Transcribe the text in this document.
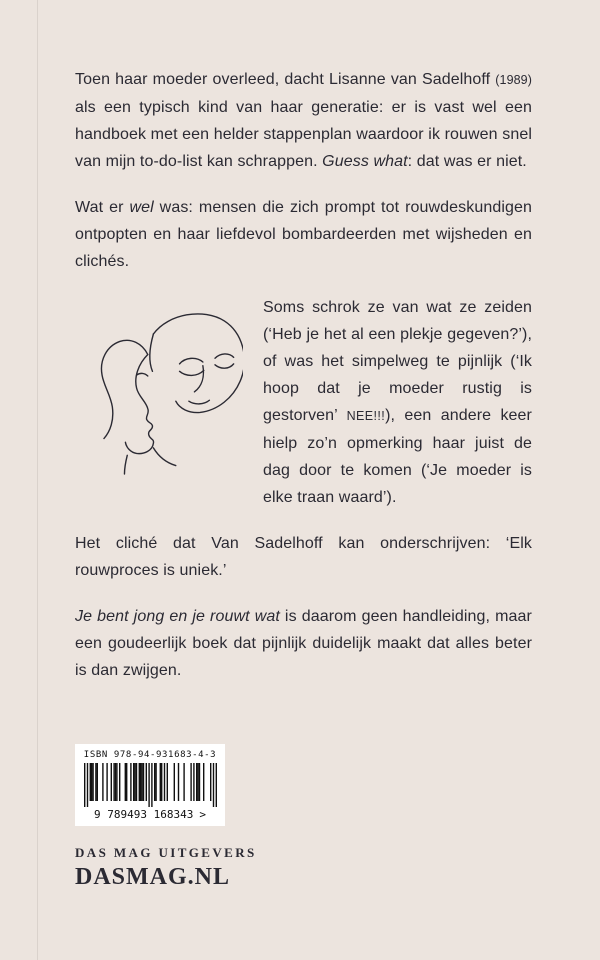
Toen haar moeder overleed, dacht Lisanne van Sadelhoff (1989) als een typisch kind van haar generatie: er is vast wel een handboek met een helder stappenplan waardoor ik rouwen snel van mijn to-do-list kan schrappen. Guess what: dat was er niet.

Wat er wel was: mensen die zich prompt tot rouwdeskundigen ontpopten en haar liefdevol bombardeerden met wijsheden en clichés.

Soms schrok ze van wat ze zeiden (‘Heb je het al een plekje gegeven?’), of was het simpelweg te pijnlijk (‘Ik hoop dat je moeder rustig is gestorven’ NEE!!!), een andere keer hielp zo’n opmerking haar juist de dag door te komen (‘Je moeder is elke traan waard’).

Het cliché dat Van Sadelhoff kan onderschrijven: ‘Elk rouwproces is uniek.’

Je bent jong en je rouwt wat is daarom geen handleiding, maar een goudeerlijk boek dat pijnlijk duidelijk maakt dat alles beter is dan zwijgen.

ISBN 978-94-931683-4-3
9 789493 168343 >
DAS MAG UITGEVERS
DASMAG.NL
